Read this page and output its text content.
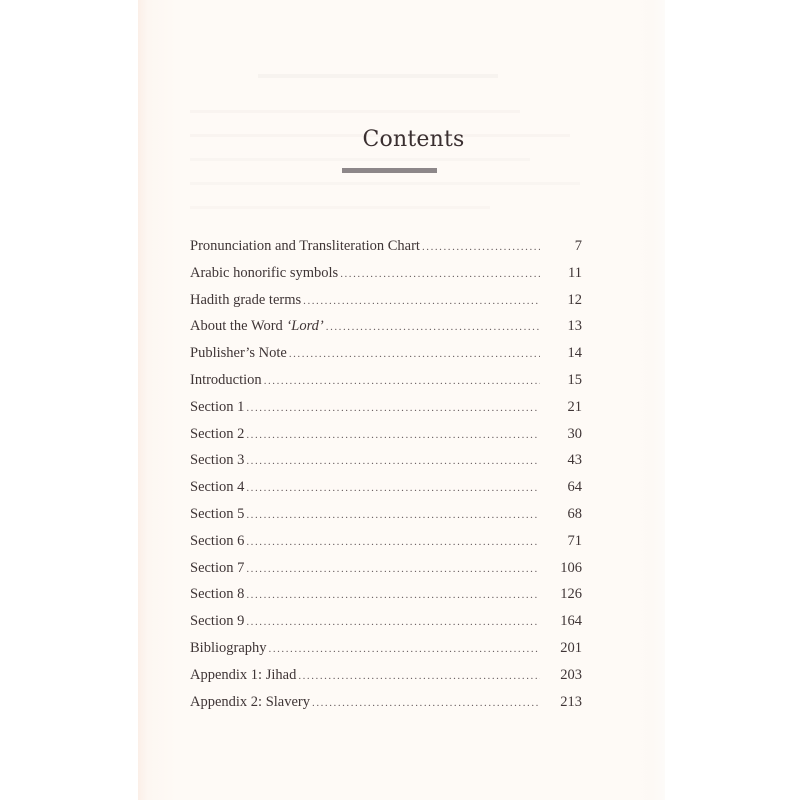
Contents
Pronunciation and Transliteration Chart . . .	7
Arabic honorific symbols . . .	11
Hadith grade terms . . .	12
About the Word ‘Lord’ . . .	13
Publisher’s Note . . .	14
Introduction . . .	15
Section 1 . . .	21
Section 2 . . .	30
Section 3 . . .	43
Section 4 . . .	64
Section 5 . . .	68
Section 6 . . .	71
Section 7 . . .	106
Section 8 . . .	126
Section 9 . . .	164
Bibliography . . .	201
Appendix 1: Jihad . . .	203
Appendix 2: Slavery . . .	213
